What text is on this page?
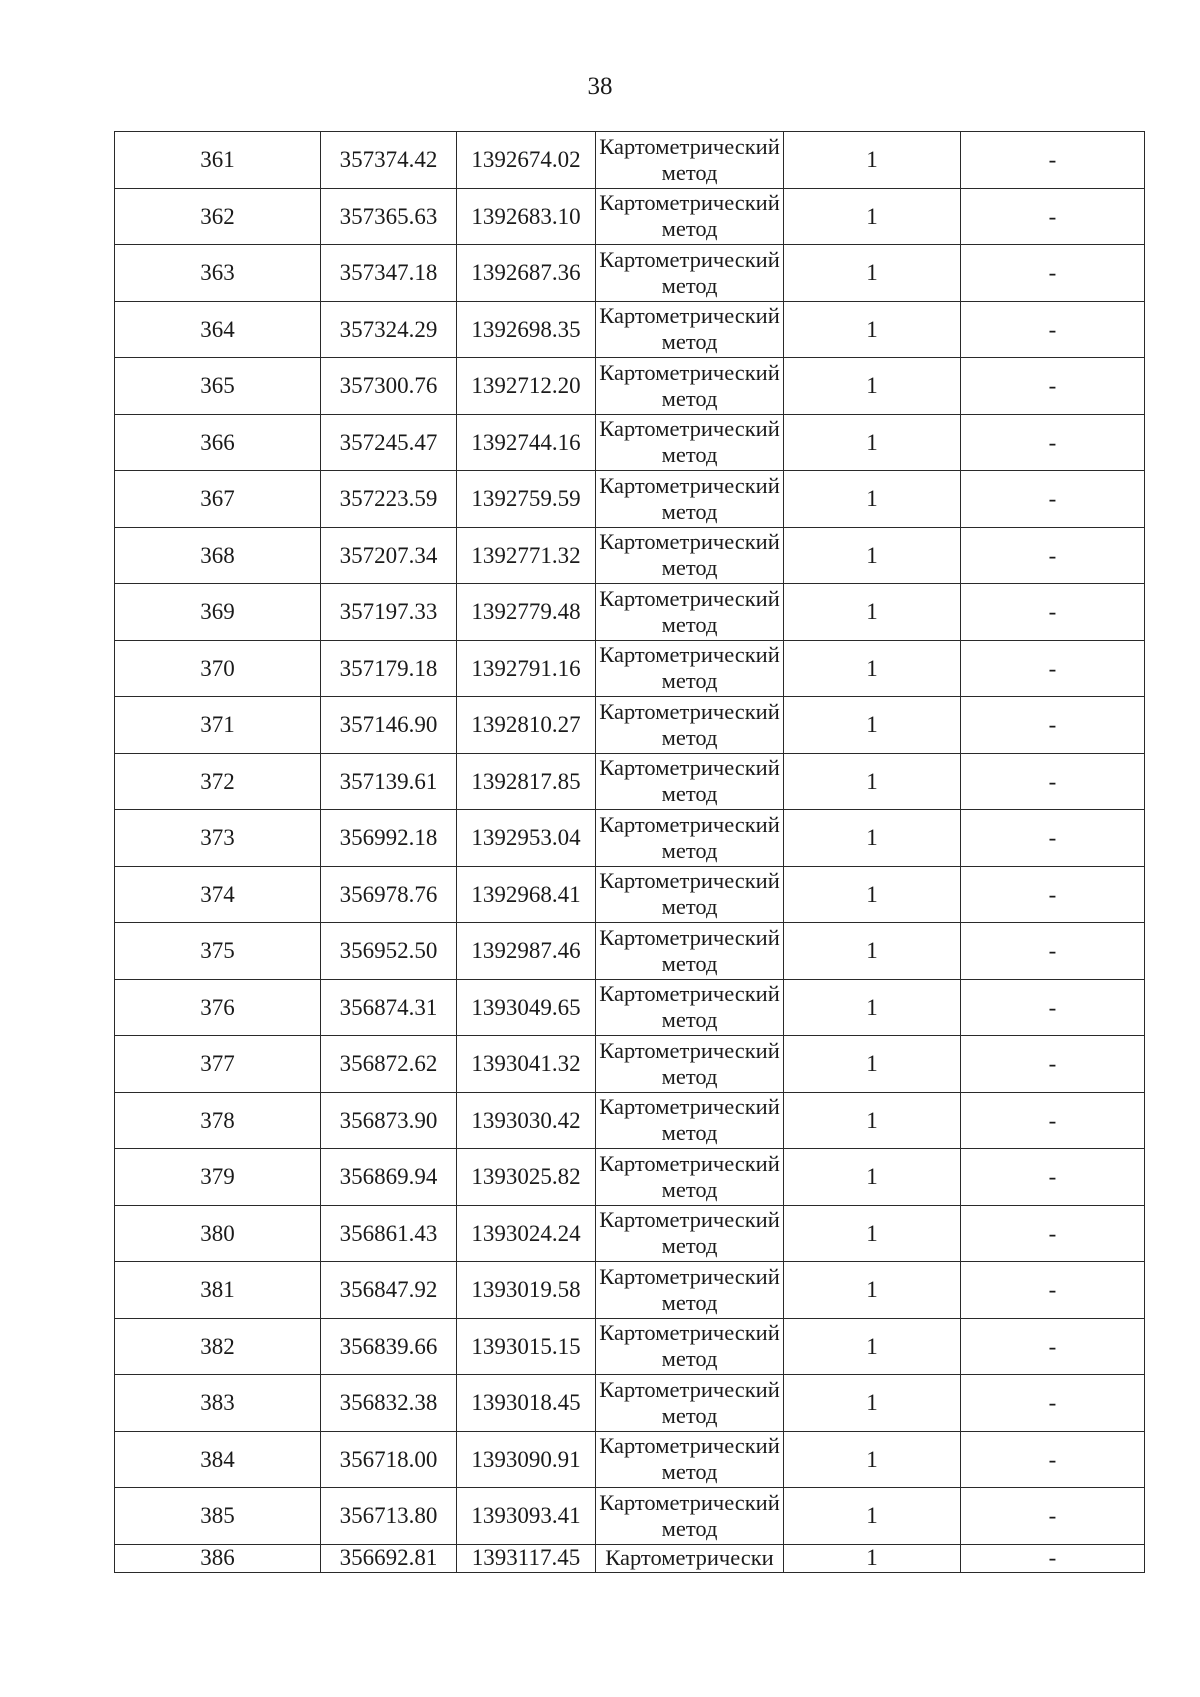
38
361	357374.42	1392674.02	Картометрический метод	1	-
362	357365.63	1392683.10	Картометрический метод	1	-
363	357347.18	1392687.36	Картометрический метод	1	-
364	357324.29	1392698.35	Картометрический метод	1	-
365	357300.76	1392712.20	Картометрический метод	1	-
366	357245.47	1392744.16	Картометрический метод	1	-
367	357223.59	1392759.59	Картометрический метод	1	-
368	357207.34	1392771.32	Картометрический метод	1	-
369	357197.33	1392779.48	Картометрический метод	1	-
370	357179.18	1392791.16	Картометрический метод	1	-
371	357146.90	1392810.27	Картометрический метод	1	-
372	357139.61	1392817.85	Картометрический метод	1	-
373	356992.18	1392953.04	Картометрический метод	1	-
374	356978.76	1392968.41	Картометрический метод	1	-
375	356952.50	1392987.46	Картометрический метод	1	-
376	356874.31	1393049.65	Картометрический метод	1	-
377	356872.62	1393041.32	Картометрический метод	1	-
378	356873.90	1393030.42	Картометрический метод	1	-
379	356869.94	1393025.82	Картометрический метод	1	-
380	356861.43	1393024.24	Картометрический метод	1	-
381	356847.92	1393019.58	Картометрический метод	1	-
382	356839.66	1393015.15	Картометрический метод	1	-
383	356832.38	1393018.45	Картометрический метод	1	-
384	356718.00	1393090.91	Картометрический метод	1	-
385	356713.80	1393093.41	Картометрический метод	1	-
386	356692.81	1393117.45	Картометрически	1	-
